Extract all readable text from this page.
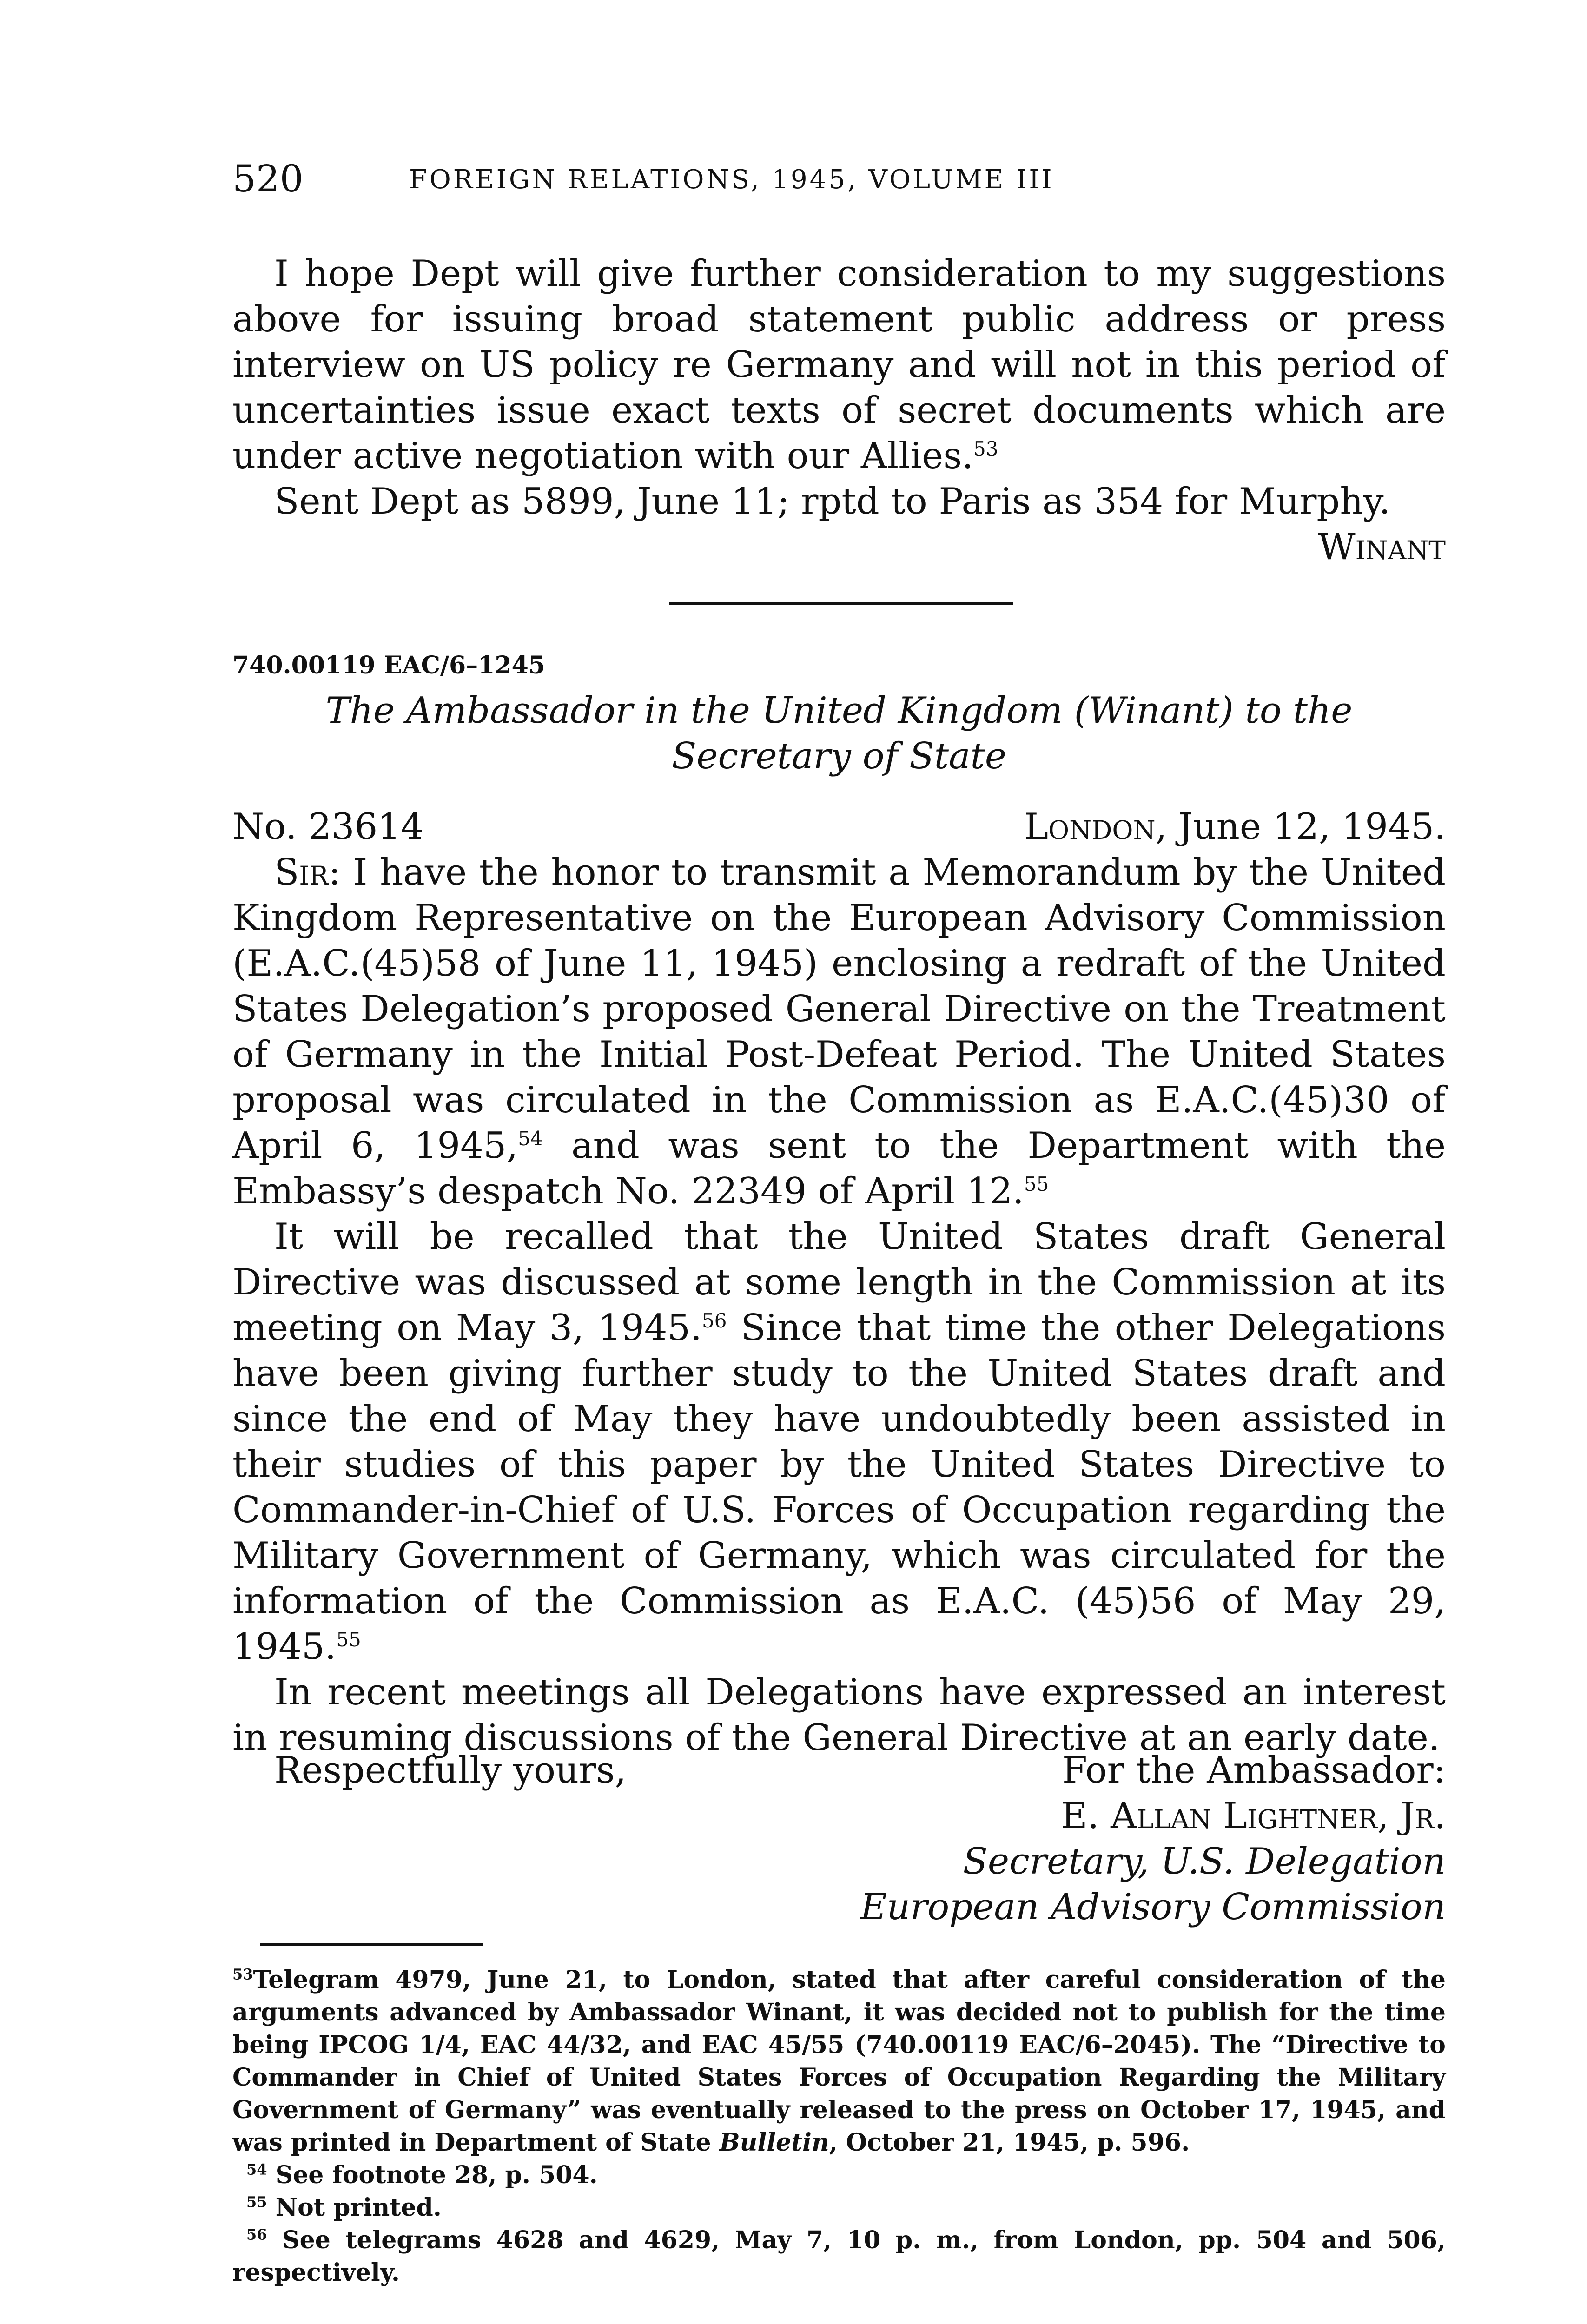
520	FOREIGN RELATIONS, 1945, VOLUME III

I hope Dept will give further consideration to my suggestions above for issuing broad statement public address or press interview on US policy re Germany and will not in this period of uncertainties issue exact texts of secret documents which are under active negotiation with our Allies.$^{53}$

Sent Dept as 5899, June 11; rptd to Paris as 354 for Murphy.

Winant

740.00119 EAC/6–1245
The Ambassador in the United Kingdom (Winant) to the Secretary of State
No. 23614	London, June 12, 1945.

Sir: I have the honor to transmit a Memorandum by the United Kingdom Representative on the European Advisory Commission (E.A.C.(45)58 of June 11, 1945) enclosing a redraft of the United States Delegation’s proposed General Directive on the Treatment of Germany in the Initial Post-Defeat Period. The United States proposal was circulated in the Commission as E.A.C.(45)30 of April 6, 1945,54 and was sent to the Department with the Embassy’s despatch No. 22349 of April 12.55

It will be recalled that the United States draft General Directive was discussed at some length in the Commission at its meeting on May 3, 1945.56 Since that time the other Delegations have been giving further study to the United States draft and since the end of May they have undoubtedly been assisted in their studies of this paper by the United States Directive to Commander-in-Chief of U.S. Forces of Occupation regarding the Military Government of Germany, which was circulated for the information of the Commission as E.A.C. (45)56 of May 29, 1945.55

In recent meetings all Delegations have expressed an interest in resuming discussions of the General Directive at an early date.

Respectfully yours,	For the Ambassador:
E. Allan Lightner, Jr.
Secretary, U.S. Delegation
European Advisory Commission

$^{53}$Telegram 4979, June 21, to London, stated that after careful consideration of the arguments advanced by Ambassador Winant, it was decided not to publish for the time being IPCOG 1/4, EAC 44/32, and EAC 45/55 (740.00119 EAC/6–2045). The “Directive to Commander in Chief of United States Forces of Occupation Regarding the Military Government of Germany” was eventually released to the press on October 17, 1945, and was printed in Department of State Bulletin, October 21, 1945, p. 596.

$^{54}$ See footnote 28, p. 504.

$^{55}$ Not printed.

$^{56}$ See telegrams 4628 and 4629, May 7, 10 p. m., from London, pp. 504 and 506, respectively.
